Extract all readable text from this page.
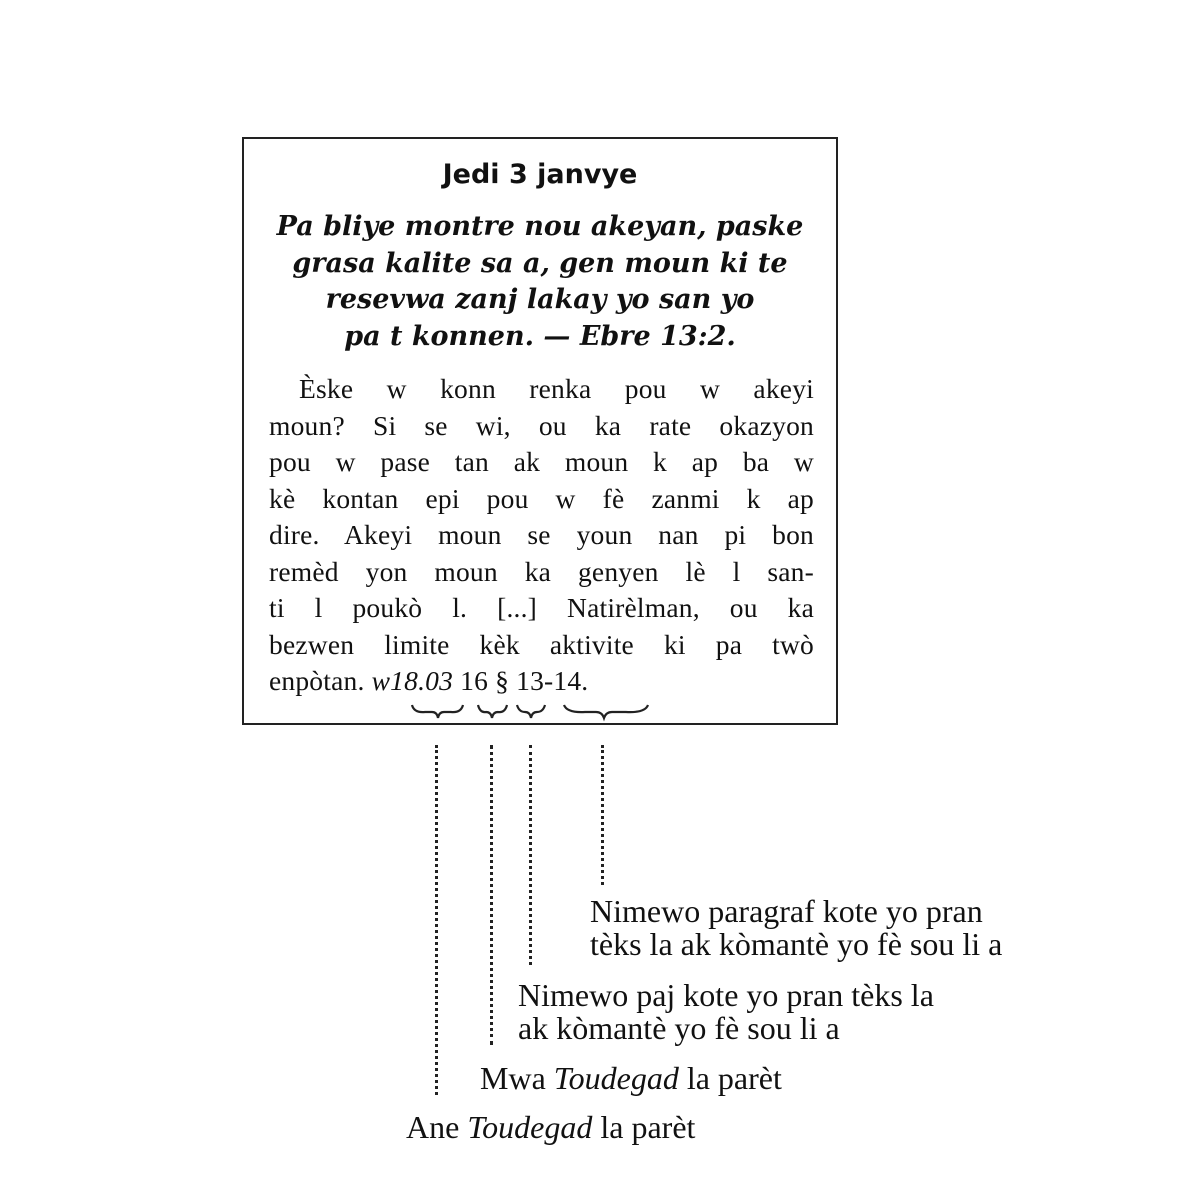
Jedi 3 janvye
Pa bliye montre nou akeyan, paske
grasa kalite sa a, gen moun ki te
resevwa zanj lakay yo san yo
pa t konnen. — Ebre 13:2.
Èske w konn renka pou w akeyi
moun? Si se wi, ou ka rate okazyon
pou w pase tan ak moun k ap ba w
kè kontan epi pou w fè zanmi k ap
dire. Akeyi moun se youn nan pi bon
remèd yon moun ka genyen lè l san-
ti l poukò l. [...] Natirèlman, ou ka
bezwen limite kèk aktivite ki pa twò
enpòtan. w18.03 16 § 13-14.
Nimewo paragraf kote yo pran
tèks la ak kòmantè yo fè sou li a
Nimewo paj kote yo pran tèks la
ak kòmantè yo fè sou li a
Mwa Toudegad la parèt
Ane Toudegad la parèt
